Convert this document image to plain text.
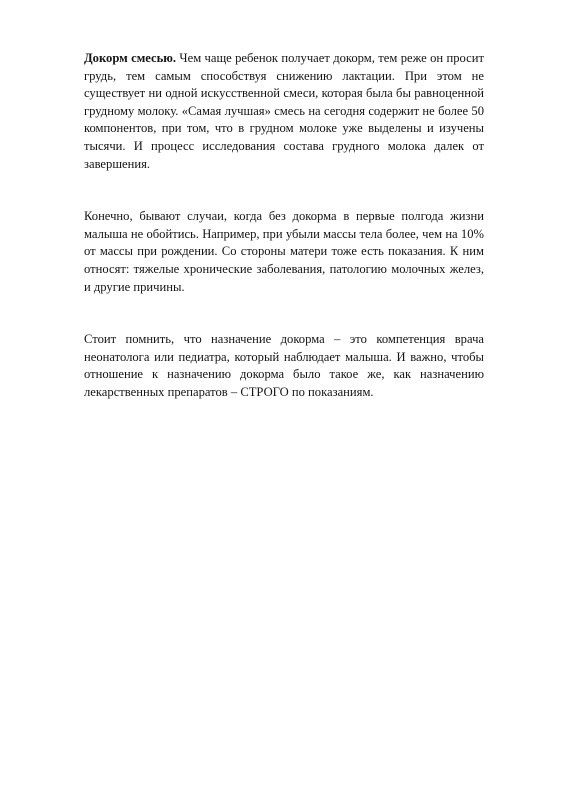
Докорм смесью. Чем чаще ребенок получает докорм, тем реже он просит грудь, тем самым способствуя снижению лактации. При этом не существует ни одной искусственной смеси, которая была бы равноценной грудному молоку. «Самая лучшая» смесь на сегодня содержит не более 50 компонентов, при том, что в грудном молоке уже выделены и изучены тысячи. И процесс исследования состава грудного молока далек от завершения.

Конечно, бывают случаи, когда без докорма в первые полгода жизни малыша не обойтись. Например, при убыли массы тела более, чем на 10% от массы при рождении. Со стороны матери тоже есть показания. К ним относят: тяжелые хронические заболевания, патологию молочных желез, и другие причины.

Стоит помнить, что назначение докорма – это компетенция врача неонатолога или педиатра, который наблюдает малыша. И важно, чтобы отношение к назначению докорма было такое же, как назначению лекарственных препаратов – СТРОГО по показаниям.
